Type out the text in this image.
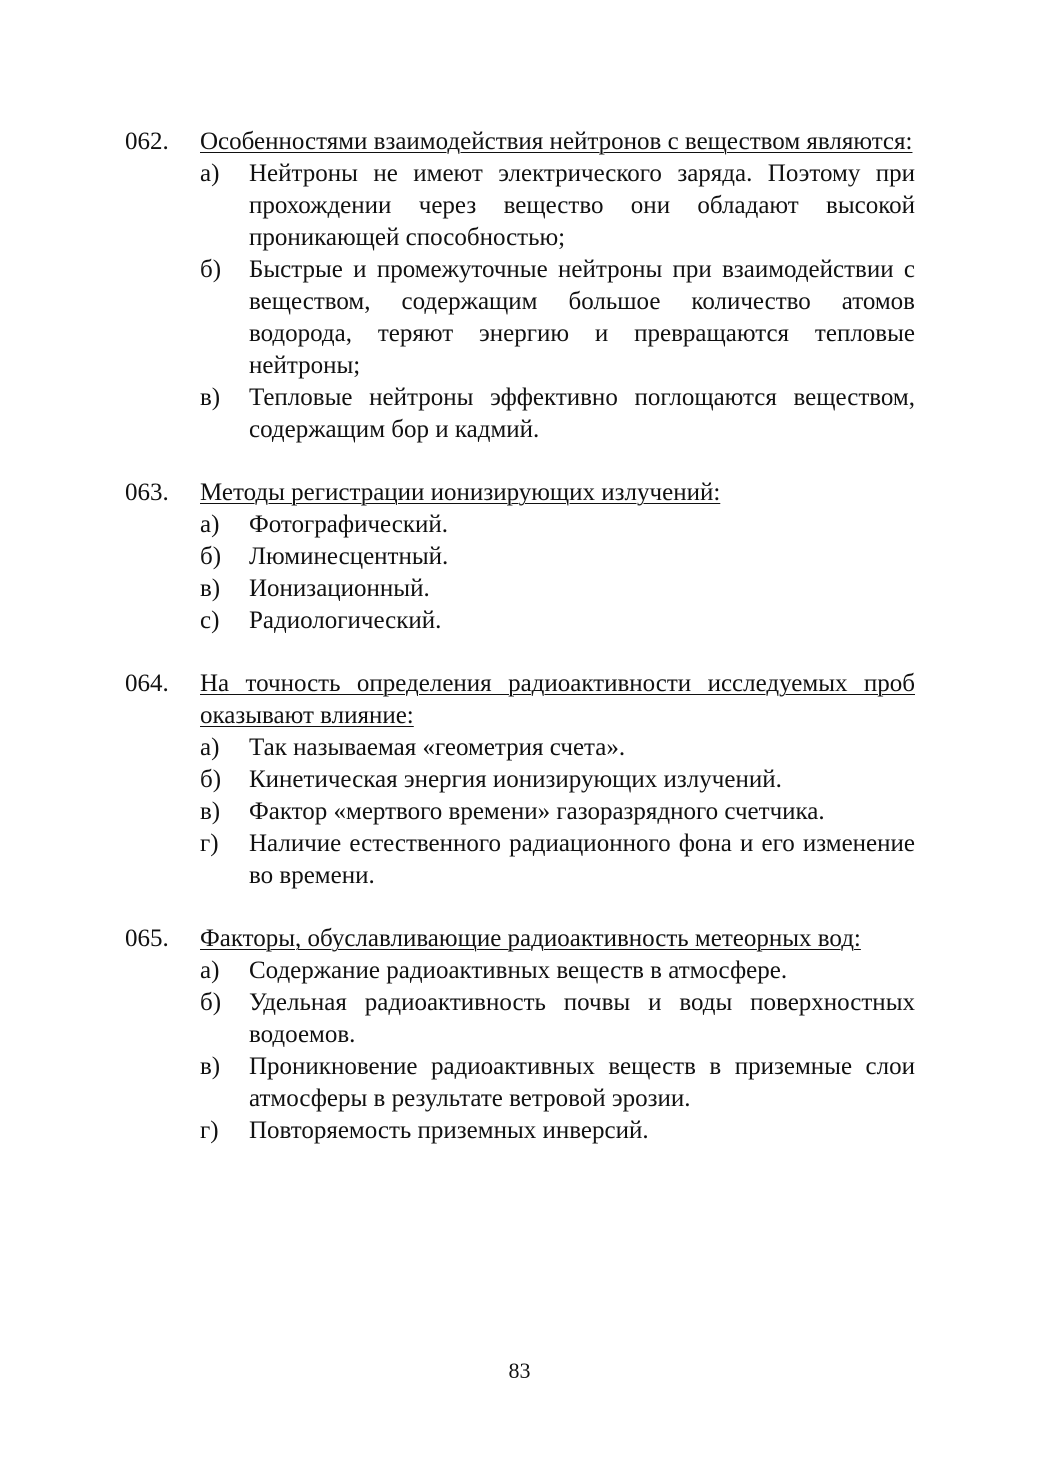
062. Особенностями взаимодействия нейтронов с веществом являются:
а) Нейтроны не имеют электрического заряда. Поэтому при прохождении через вещество они обладают высокой проникающей способностью;
б) Быстрые и промежуточные нейтроны при взаимодействии с веществом, содержащим большое количество атомов водорода, теряют энергию и превращаются тепловые нейтроны;
в) Тепловые нейтроны эффективно поглощаются веществом, содержащим бор и кадмий.
063. Методы регистрации ионизирующих излучений:
а) Фотографический.
б) Люминесцентный.
в) Ионизационный.
с) Радиологический.
064. На точность определения радиоактивности исследуемых проб оказывают влияние:
а) Так называемая «геометрия счета».
б) Кинетическая энергия ионизирующих излучений.
в) Фактор «мертвого времени» газоразрядного счетчика.
г) Наличие естественного радиационного фона и его изменение во времени.
065. Факторы, обуславливающие радиоактивность метеорных вод:
а) Содержание радиоактивных веществ в атмосфере.
б) Удельная радиоактивность почвы и воды поверхностных водоемов.
в) Проникновение радиоактивных веществ в приземные слои атмосферы в результате ветровой эрозии.
г) Повторяемость приземных инверсий.
83
